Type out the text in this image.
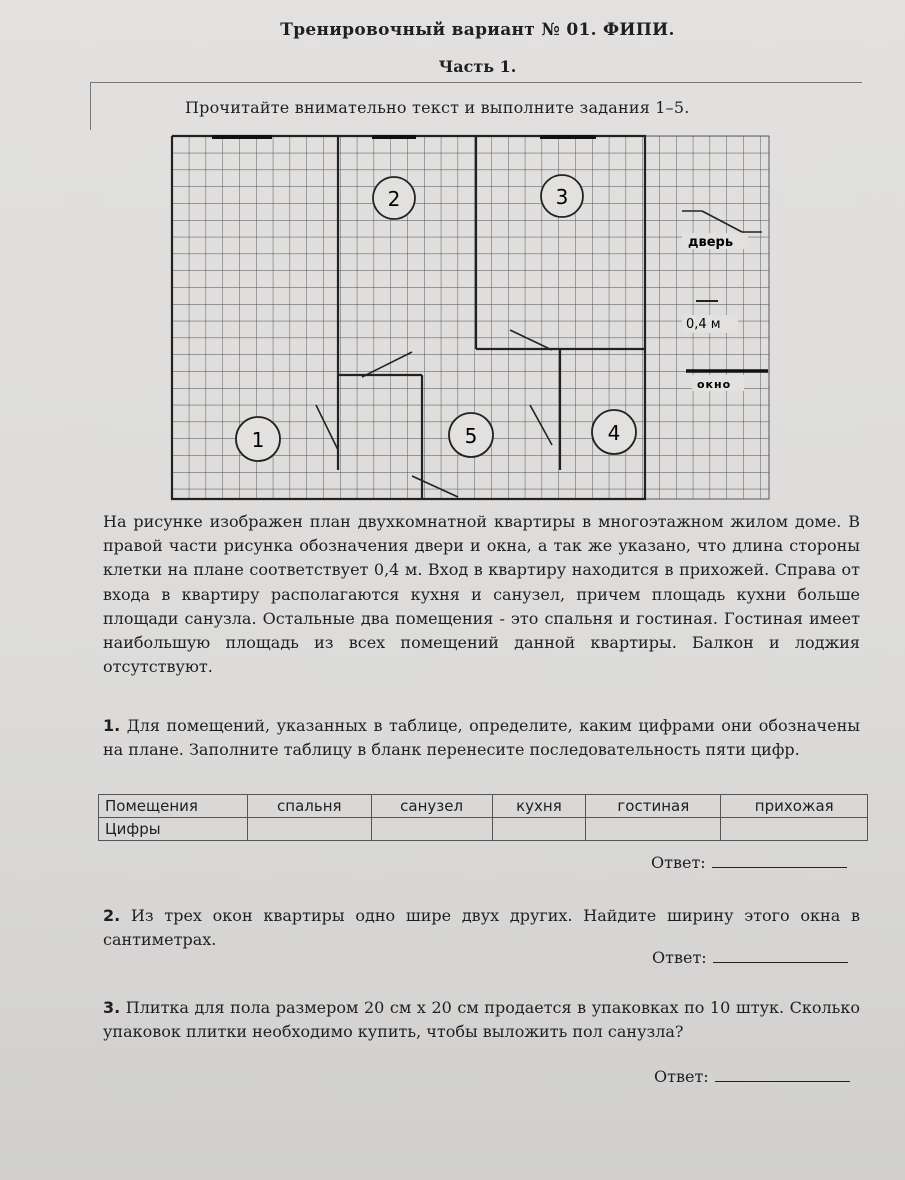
Тренировочный вариант № 01. ФИПИ.
Часть 1.
Прочитайте внимательно текст и выполните задания 1–5.
2	3
1	5	4
дверь
0,4 м
окно
На рисунке изображен план двухкомнатной квартиры в многоэтажном жилом доме. В правой части рисунка обозначения двери и окна, а так же указано, что длина стороны клетки на плане соответствует 0,4 м. Вход в квартиру находится в прихожей. Справа от входа в квартиру располагаются кухня и санузел, причем площадь кухни больше площади санузла. Остальные два помещения - это спальня и гостиная. Гостиная имеет наибольшую площадь из всех помещений данной квартиры. Балкон и лоджия отсутствуют.
1. Для помещений, указанных в таблице, определите, каким цифрами они обозначены на плане. Заполните таблицу в бланк перенесите последовательность пяти цифр.
Помещения	спальня	санузел	кухня	гостиная	прихожая
Цифры					
Ответ:
2. Из трех окон квартиры одно шире двух других. Найдите ширину этого окна в сантиметрах.
Ответ:
3. Плитка для пола размером 20 см х 20 см продается в упаковках по 10 штук. Сколько упаковок плитки необходимо купить, чтобы выложить пол санузла?
Ответ:
